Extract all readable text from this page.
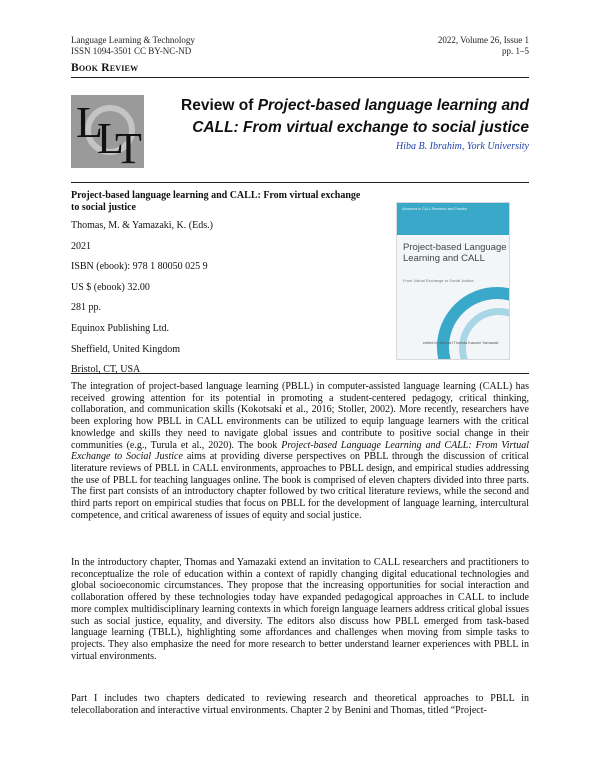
Language Learning & Technology
ISSN 1094-3501 CC BY-NC-ND
2022, Volume 26, Issue 1
pp. 1–5
Book Review
L
L
T
Review of Project-based language learning and CALL: From virtual exchange to social justice
Hiba B. Ibrahim, York University
Project-based language learning and CALL: From virtual exchange to social justice
Thomas, M. & Yamazaki, K. (Eds.)
2021
ISBN (ebook): 978 1 80050 025 9
US $ (ebook) 32.00
281 pp.
Equinox Publishing Ltd.
Sheffield, United Kingdom
Bristol, CT, USA
Advances in CALL Research and Practice
Project-based Language Learning and CALL
From Virtual Exchange to Social Justice
edited by Michael Thomas Kasumi Yamazaki

The integration of project-based language learning (PBLL) in computer-assisted language learning (CALL) has received growing attention for its potential in promoting a student-centered pedagogy, critical thinking, collaboration, and communication skills (Kokotsaki et al., 2016; Stoller, 2002). More recently, researchers have been exploring how PBLL in CALL environments can be utilized to equip language learners with the critical knowledge and skills they need to navigate global issues and contribute to positive social change in their communities (e.g., Turula et al., 2020). The book Project-based Language Learning and CALL: From Virtual Exchange to Social Justice aims at providing diverse perspectives on PBLL through the discussion of critical literature reviews of PBLL in CALL environments, approaches to PBLL design, and empirical studies addressing the use of PBLL for teaching languages online. The book is comprised of eleven chapters divided into three parts. The first part consists of an introductory chapter followed by two critical literature reviews, while the second and third parts report on empirical studies that focus on PBLL for the development of language learning, intercultural competence, and critical awareness of issues of equity and social justice.

In the introductory chapter, Thomas and Yamazaki extend an invitation to CALL researchers and practitioners to reconceptualize the role of education within a context of rapidly changing digital educational technologies and global socioeconomic circumstances. They propose that the increasing opportunities for social interaction and collaboration offered by these technologies today have expanded pedagogical approaches in CALL to include more complex multidisciplinary learning contexts in which foreign language learners address critical global issues such as social justice, equality, and diversity. The editors also discuss how PBLL emerged from task-based language learning (TBLL), highlighting some affordances and challenges when moving from simple tasks to projects. They also emphasize the need for more research to better understand learner experiences with PBLL in virtual environments.

Part I includes two chapters dedicated to reviewing research and theoretical approaches to PBLL in telecollaboration and interactive virtual environments. Chapter 2 by Benini and Thomas, titled “Project-
